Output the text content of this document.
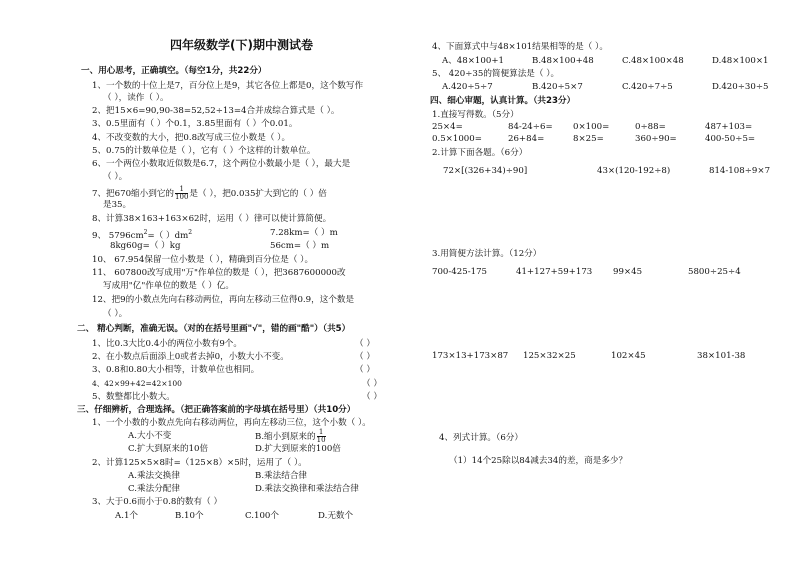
四年级数学(下)期中测试卷
一、用心思考，正确填空。（每空1分，共22分）
1、一个数的十位上是7，百分位上是9，其它各位上都是0，这个数写作
（ ），读作（ ）。
2、把15×6=90,90-38=52,52÷13=4合并成综合算式是（ ）。
3、0.5里面有（ ）个0.1，3.85里面有（ ）个0.01。
4、不改变数的大小，把0.8改写成三位小数是（ ）。
5、0.75的计数单位是（ ），它有（ ）个这样的计数单位。
6、一个两位小数取近似数是6.7，这个两位小数最小是（ ），最大是
（ ）。
7、把670缩小到它的 $\frac{1}{100}$ 是（ ），把0.035扩大到它的（ ）倍
是35。
8、计算38×163+163×62时，运用（ ）律可以使计算简便。
9、 $5796cm^2=$（ ）$dm^2$	7.28km=（ ）m
8kg60g=（ ）kg	56cm=（ ）m
10、 67.954保留一位小数是（ ），精确到百分位是（ ）。
11、 607800改写成用"万"作单位的数是（ ），把3687600000改
写成用"亿"作单位的数是（ ）亿。
12、把9的小数点先向右移动两位，再向左移动三位得0.9，这个数是
（ ）。
二、 精心判断，准确无误。（对的在括号里画"√"，错的画"酷"）（共5）
1、比0.3大比0.4小的两位小数有9个。	（ ）
2、在小数点后面添上0或者去掉0，小数大小不变。	（ ）
3、0.8和0.80大小相等，计数单位也相同。	（ ）
4、42×99+42=42×100	（ ）
5、数整都比小数大。	（ ）
三、仔细辨析，合理选择。（把正确答案前的字母填在括号里）（共10分）
1、一个小数的小数点先向右移动两位，再向左移动三位，这个小数（ ）。
A.大小不变	B.缩小到原来的 $\frac{1}{10}$
C.扩大到原来的10倍	D.扩大到原来的100倍
2、计算125×5×8时=（125×8）×5时，运用了（ ）。
A.乘法交换律	B.乘法结合律
C.乘法分配律	D.乘法交换律和乘法结合律
3、大于0.6而小于0.8的数有（ ）
A.1个	B.10个	C.100个	D.无数个
4、下面算式中与48×101结果相等的是（ ）。
A、48×100+1	B.48×100+48	C.48×100×48	D.48×100×1
5、 420÷35的简便算法是（ ）。
A.420÷5÷7	B.420÷5×7	C.420÷7÷5	D.420÷30÷5
四、细心审题，认真计算。（共23分）
1.直接写得数。（5分）
25×4=	84-24÷6= 0×100=	0÷88=	487+103=
0.5×1000=	26+84=	8×25=	360÷90=	400-50÷5=
2.计算下面各题。（6分）
72×[(326+34)÷90]	43×(120-192÷8)	814-108÷9×7
3.用简便方法计算。（12分）
700-425-175	41+127+59+173 99×45	5800÷25÷4
173×13+173×87 125×32×25	102×45	38×101-38
4、列式计算。（6分）
（1）14个25除以84减去34的差，商是多少？
